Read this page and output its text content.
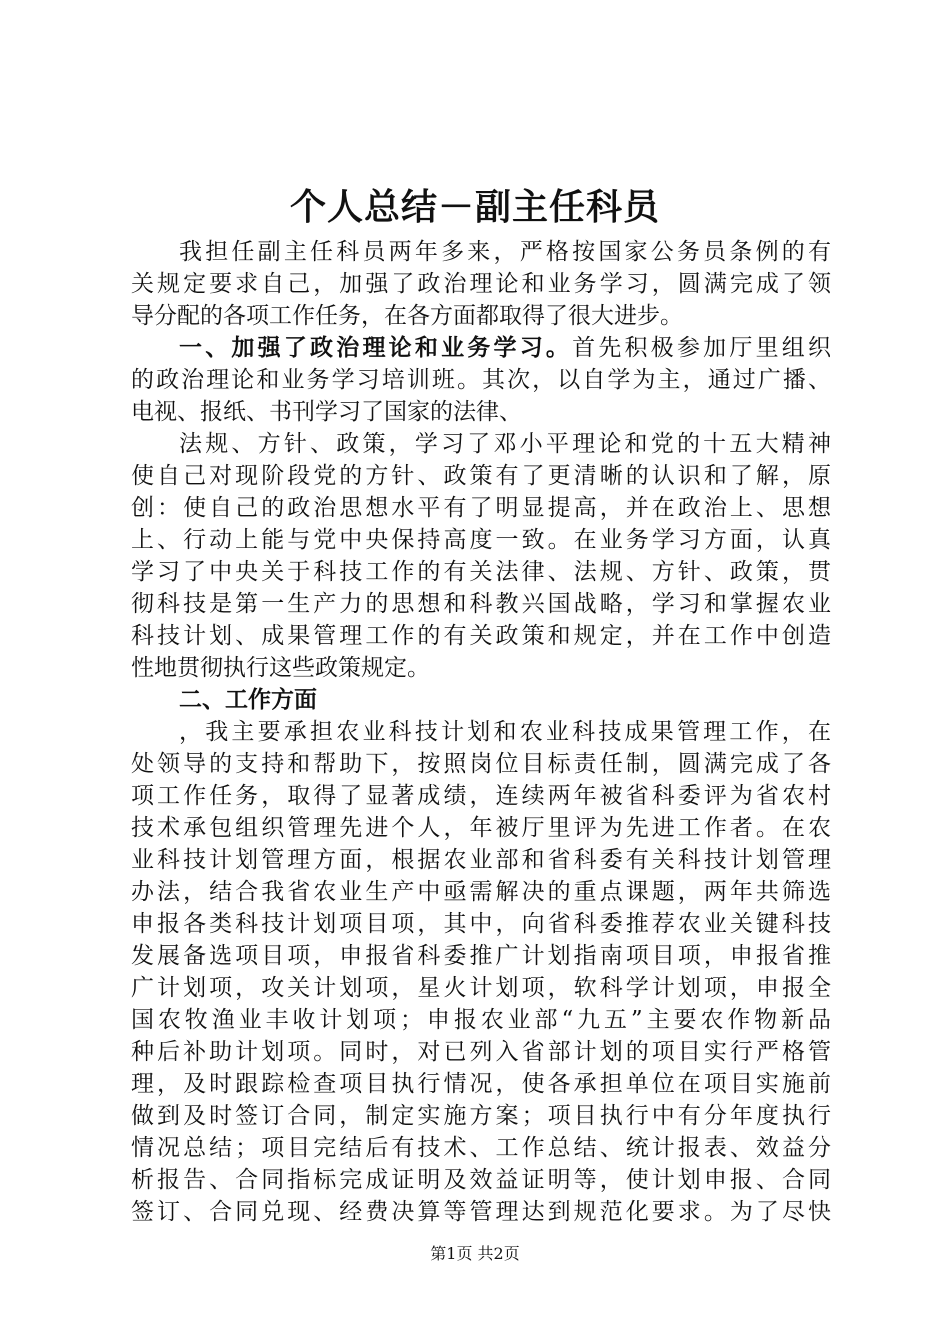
个人总结－副主任科员
我担任副主任科员两年多来，严格按国家公务员条例的有
关规定要求自己，加强了政治理论和业务学习，圆满完成了领
导分配的各项工作任务，在各方面都取得了很大进步。
一、加强了政治理论和业务学习。首先积极参加厅里组织
的政治理论和业务学习培训班。其次，以自学为主，通过广播、
电视、报纸、书刊学习了国家的法律、
法规、方针、政策，学习了邓小平理论和党的十五大精神
使自己对现阶段党的方针、政策有了更清晰的认识和了解，原
创：使自己的政治思想水平有了明显提高，并在政治上、思想
上、行动上能与党中央保持高度一致。在业务学习方面，认真
学习了中央关于科技工作的有关法律、法规、方针、政策，贯
彻科技是第一生产力的思想和科教兴国战略，学习和掌握农业
科技计划、成果管理工作的有关政策和规定，并在工作中创造
性地贯彻执行这些政策规定。
二、工作方面
，我主要承担农业科技计划和农业科技成果管理工作，在
处领导的支持和帮助下，按照岗位目标责任制，圆满完成了各
项工作任务，取得了显著成绩，连续两年被省科委评为省农村
技术承包组织管理先进个人，年被厅里评为先进工作者。在农
业科技计划管理方面，根据农业部和省科委有关科技计划管理
办法，结合我省农业生产中亟需解决的重点课题，两年共筛选
申报各类科技计划项目项，其中，向省科委推荐农业关键科技
发展备选项目项，申报省科委推广计划指南项目项，申报省推
广计划项，攻关计划项，星火计划项，软科学计划项，申报全
国农牧渔业丰收计划项；申报农业部“九五”主要农作物新品
种后补助计划项。同时，对已列入省部计划的项目实行严格管
理，及时跟踪检查项目执行情况，使各承担单位在项目实施前
做到及时签订合同，制定实施方案；项目执行中有分年度执行
情况总结；项目完结后有技术、工作总结、统计报表、效益分
析报告、合同指标完成证明及效益证明等，使计划申报、合同
签订、合同兑现、经费决算等管理达到规范化要求。为了尽快
第1页 共2页
